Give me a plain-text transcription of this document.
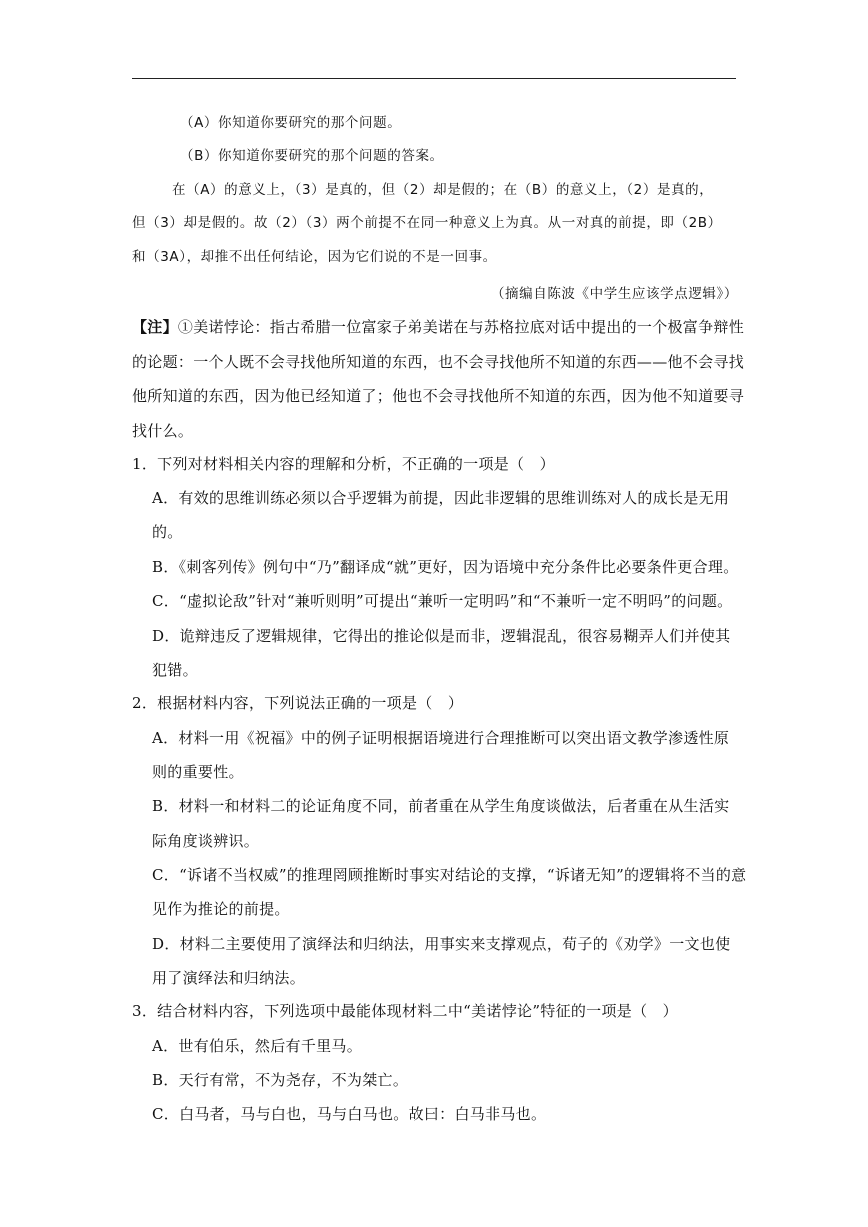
（A）你知道你要研究的那个问题。
（B）你知道你要研究的那个问题的答案。
在（A）的意义上，（3）是真的，但（2）却是假的；在（B）的意义上，（2）是真的，
但（3）却是假的。故（2）（3）两个前提不在同一种意义上为真。从一对真的前提，即（2B）
和（3A），却推不出任何结论，因为它们说的不是一回事。
（摘编自陈波《中学生应该学点逻辑》）
【注】①美诺悖论：指古希腊一位富家子弟美诺在与苏格拉底对话中提出的一个极富争辩性
的论题：一个人既不会寻找他所知道的东西，也不会寻找他所不知道的东西——他不会寻找
他所知道的东西，因为他已经知道了；他也不会寻找他所不知道的东西，因为他不知道要寻
找什么。
1．下列对材料相关内容的理解和分析，不正确的一项是（　）
A．有效的思维训练必须以合乎逻辑为前提，因此非逻辑的思维训练对人的成长是无用
的。
B．《刺客列传》例句中“乃”翻译成“就”更好，因为语境中充分条件比必要条件更合理。
C．“虚拟论敌”针对“兼听则明”可提出“兼听一定明吗”和“不兼听一定不明吗”的问题。
D．诡辩违反了逻辑规律，它得出的推论似是而非，逻辑混乱，很容易糊弄人们并使其
犯错。
2．根据材料内容，下列说法正确的一项是（　）
A．材料一用《祝福》中的例子证明根据语境进行合理推断可以突出语文教学渗透性原
则的重要性。
B．材料一和材料二的论证角度不同，前者重在从学生角度谈做法，后者重在从生活实
际角度谈辨识。
C．“诉诸不当权威”的推理罔顾推断时事实对结论的支撑，“诉诸无知”的逻辑将不当的意
见作为推论的前提。
D．材料二主要使用了演绎法和归纳法，用事实来支撑观点，荀子的《劝学》一文也使
用了演绎法和归纳法。
3．结合材料内容，下列选项中最能体现材料二中“美诺悖论”特征的一项是（　）
A．世有伯乐，然后有千里马。
B．天行有常，不为尧存，不为桀亡。
C．白马者，马与白也，马与白马也。故曰：白马非马也。
